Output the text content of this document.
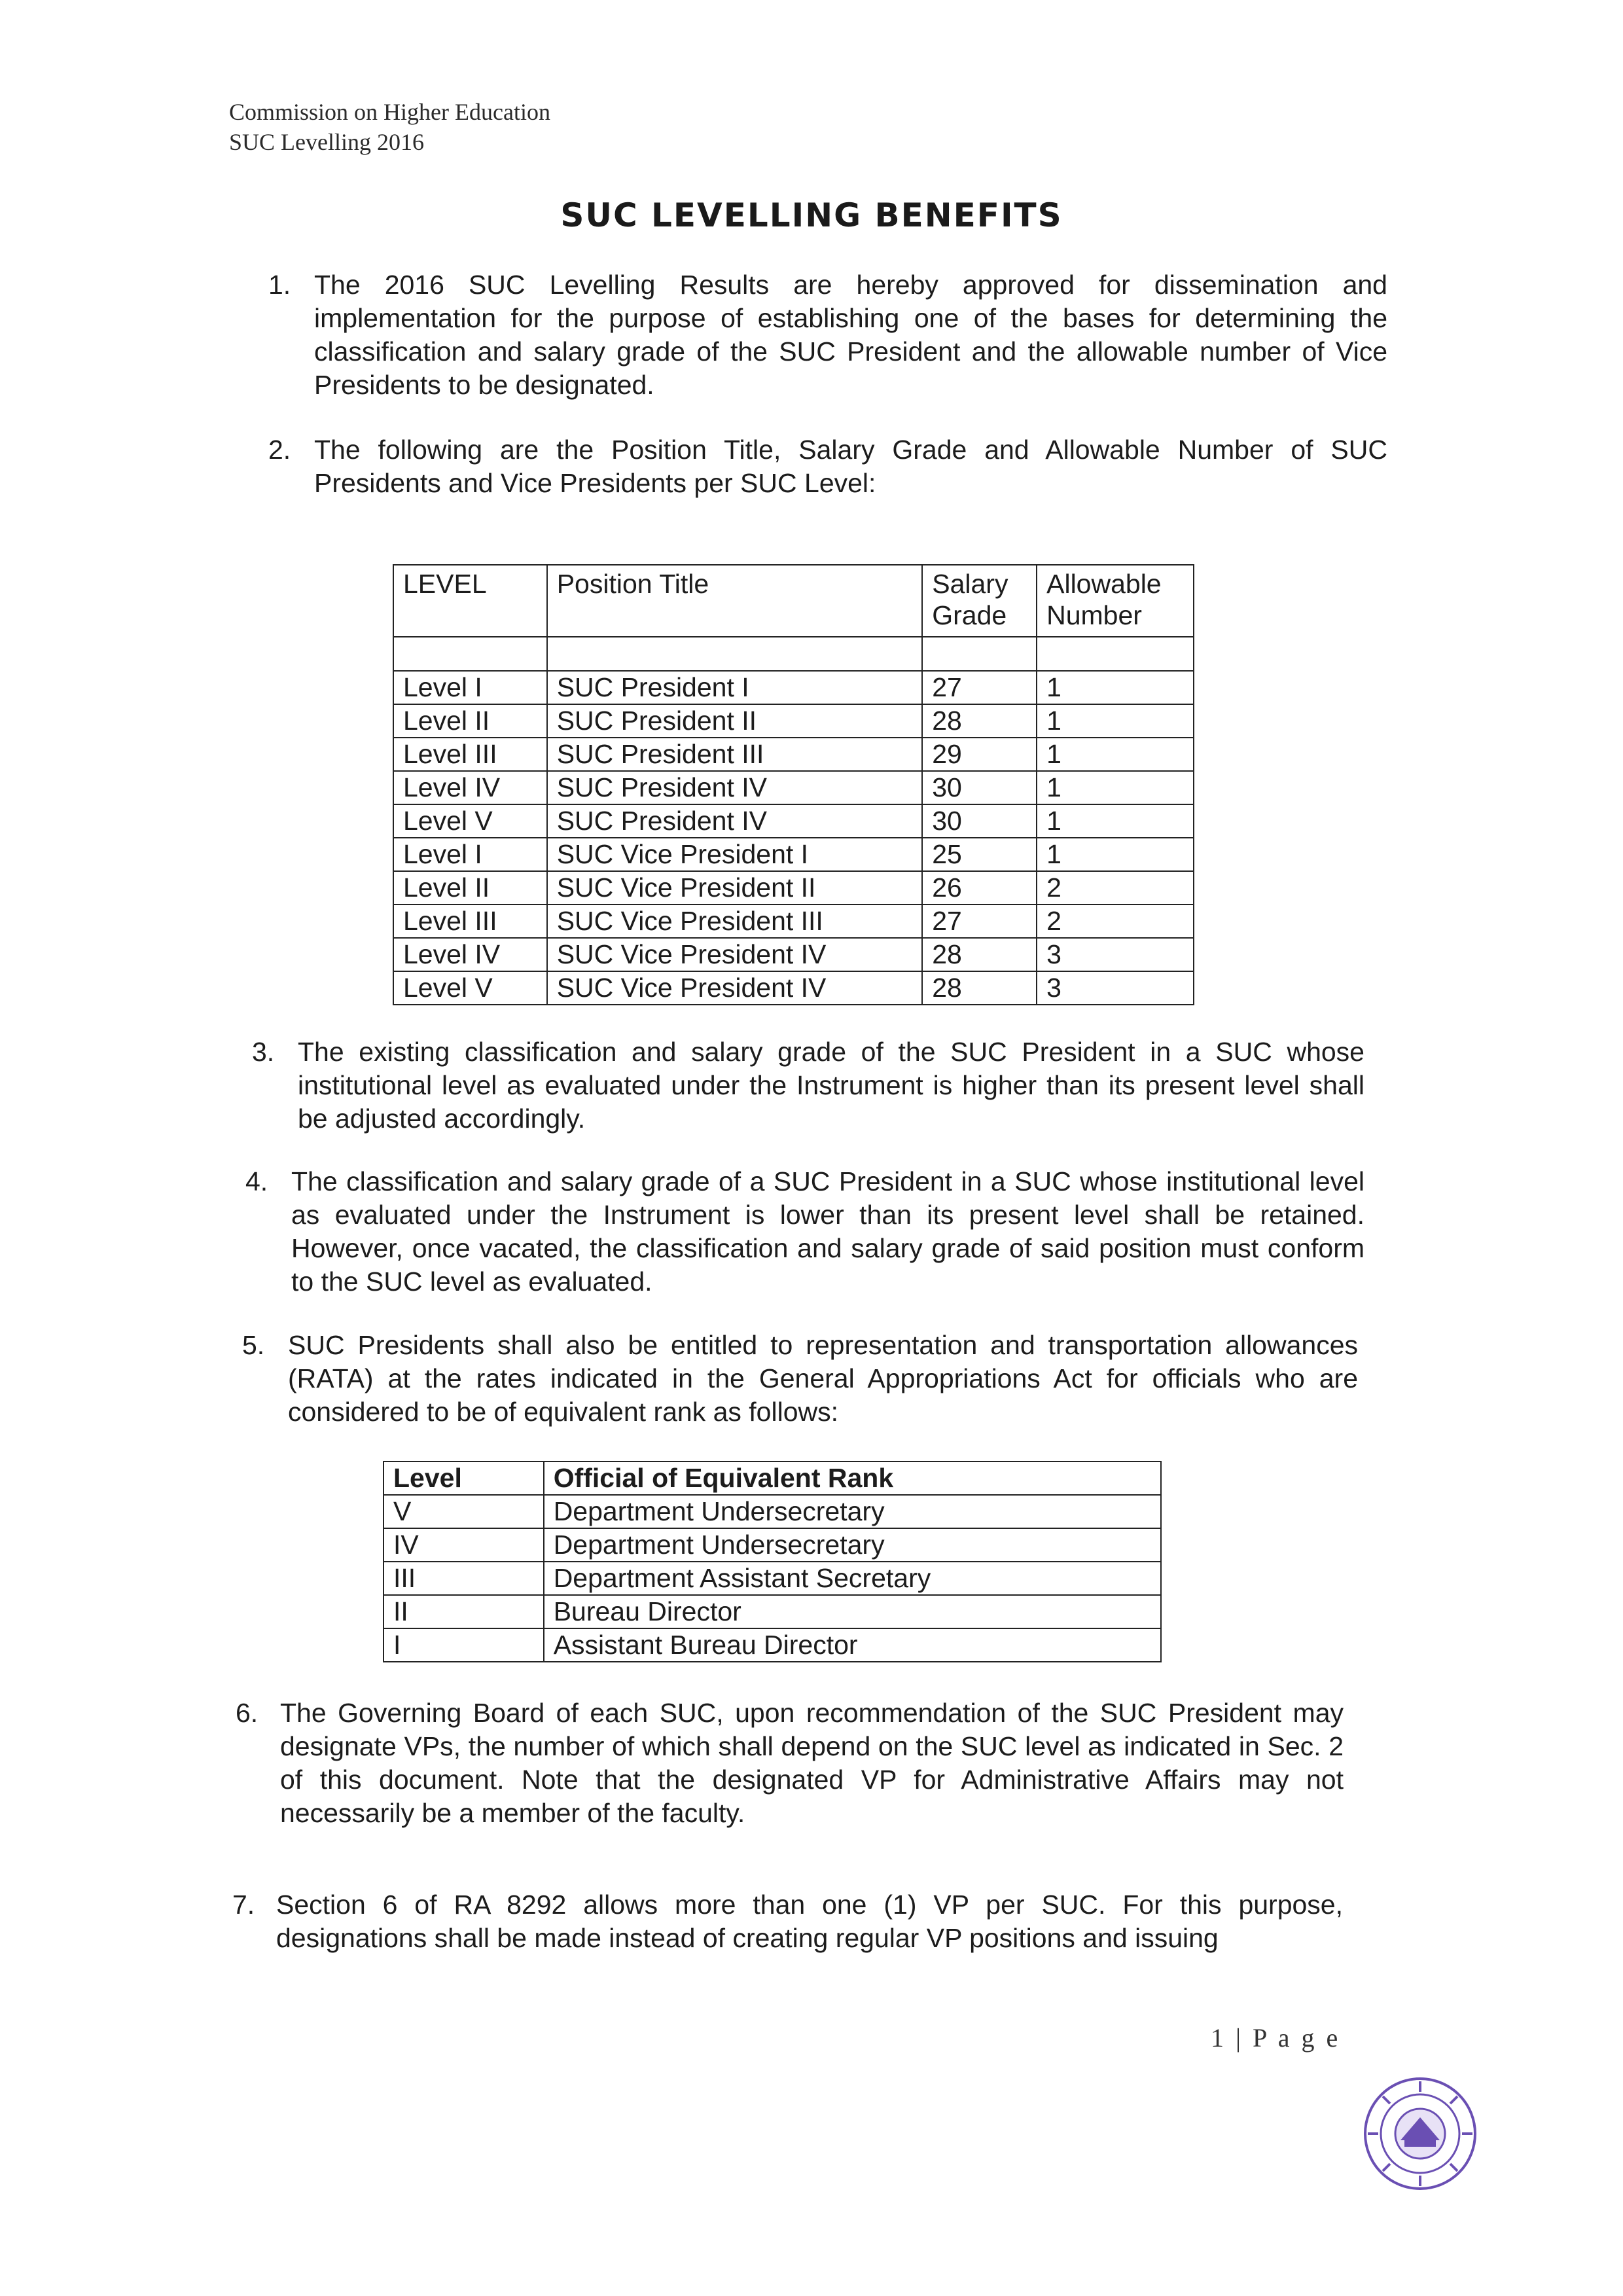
Commission on Higher Education
SUC Levelling 2016
SUC LEVELLING BENEFITS
1. The 2016 SUC Levelling Results are hereby approved for dissemination and implementation for the purpose of establishing one of the bases for determining the classification and salary grade of the SUC President and the allowable number of Vice Presidents to be designated.
2. The following are the Position Title, Salary Grade and Allowable Number of SUC Presidents and Vice Presidents per SUC Level:
LEVEL	Position Title	Salary Grade	Allowable Number

Level I	SUC President I	27	1
Level II	SUC President II	28	1
Level III	SUC President III	29	1
Level IV	SUC President IV	30	1
Level V	SUC President IV	30	1
Level I	SUC Vice President I	25	1
Level II	SUC Vice President II	26	2
Level III	SUC Vice President III	27	2
Level IV	SUC Vice President IV	28	3
Level V	SUC Vice President IV	28	3
3. The existing classification and salary grade of the SUC President in a SUC whose institutional level as evaluated under the Instrument is higher than its present level shall be adjusted accordingly.
4. The classification and salary grade of a SUC President in a SUC whose institutional level as evaluated under the Instrument is lower than its present level shall be retained. However, once vacated, the classification and salary grade of said position must conform to the SUC level as evaluated.
5. SUC Presidents shall also be entitled to representation and transportation allowances (RATA) at the rates indicated in the General Appropriations Act for officials who are considered to be of equivalent rank as follows:
Level	Official of Equivalent Rank
V	Department Undersecretary
IV	Department Undersecretary
III	Department Assistant Secretary
II	Bureau Director
I	Assistant Bureau Director
6. The Governing Board of each SUC, upon recommendation of the SUC President may designate VPs, the number of which shall depend on the SUC level as indicated in Sec. 2 of this document. Note that the designated VP for Administrative Affairs may not necessarily be a member of the faculty.
7. Section 6 of RA 8292 allows more than one (1) VP per SUC. For this purpose, designations shall be made instead of creating regular VP positions and issuing
1 | P a g e
